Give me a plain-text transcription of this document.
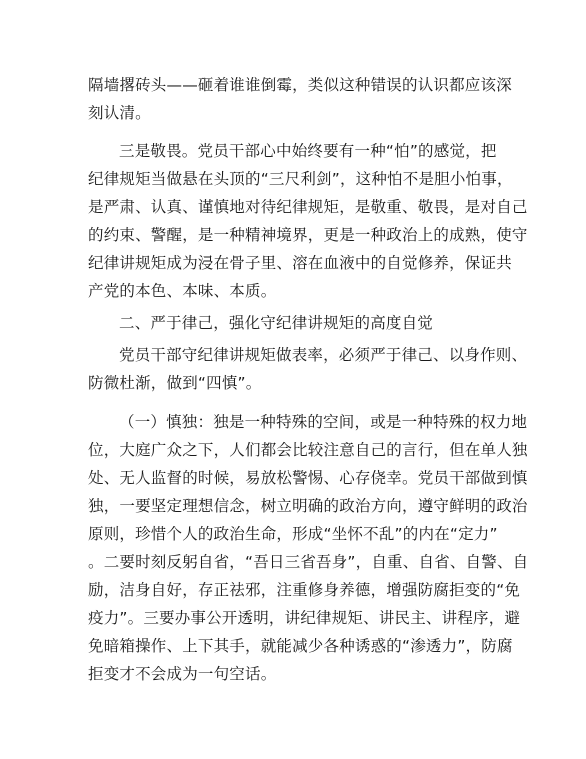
隔墙撂砖头——砸着谁谁倒霉，类似这种错误的认识都应该深
刻认清。
三是敬畏。党员干部心中始终要有一种“怕”的感觉，把
纪律规矩当做悬在头顶的“三尺利剑”，这种怕不是胆小怕事，
是严肃、认真、谨慎地对待纪律规矩，是敬重、敬畏，是对自己
的约束、警醒，是一种精神境界，更是一种政治上的成熟，使守
纪律讲规矩成为浸在骨子里、溶在血液中的自觉修养，保证共
产党的本色、本味、本质。
二、严于律己，强化守纪律讲规矩的高度自觉
党员干部守纪律讲规矩做表率，必须严于律己、以身作则、
防微杜渐，做到“四慎”。
（一）慎独：独是一种特殊的空间，或是一种特殊的权力地
位，大庭广众之下，人们都会比较注意自己的言行，但在单人独
处、无人监督的时候，易放松警惕、心存侥幸。党员干部做到慎
独，一要坚定理想信念，树立明确的政治方向，遵守鲜明的政治
原则，珍惜个人的政治生命，形成“坐怀不乱”的内在“定力”
。二要时刻反躬自省，“吾日三省吾身”，自重、自省、自警、自
励，洁身自好，存正祛邪，注重修身养德，增强防腐拒变的“免
疫力”。三要办事公开透明，讲纪律规矩、讲民主、讲程序，避
免暗箱操作、上下其手，就能减少各种诱惑的“渗透力”，防腐
拒变才不会成为一句空话。
